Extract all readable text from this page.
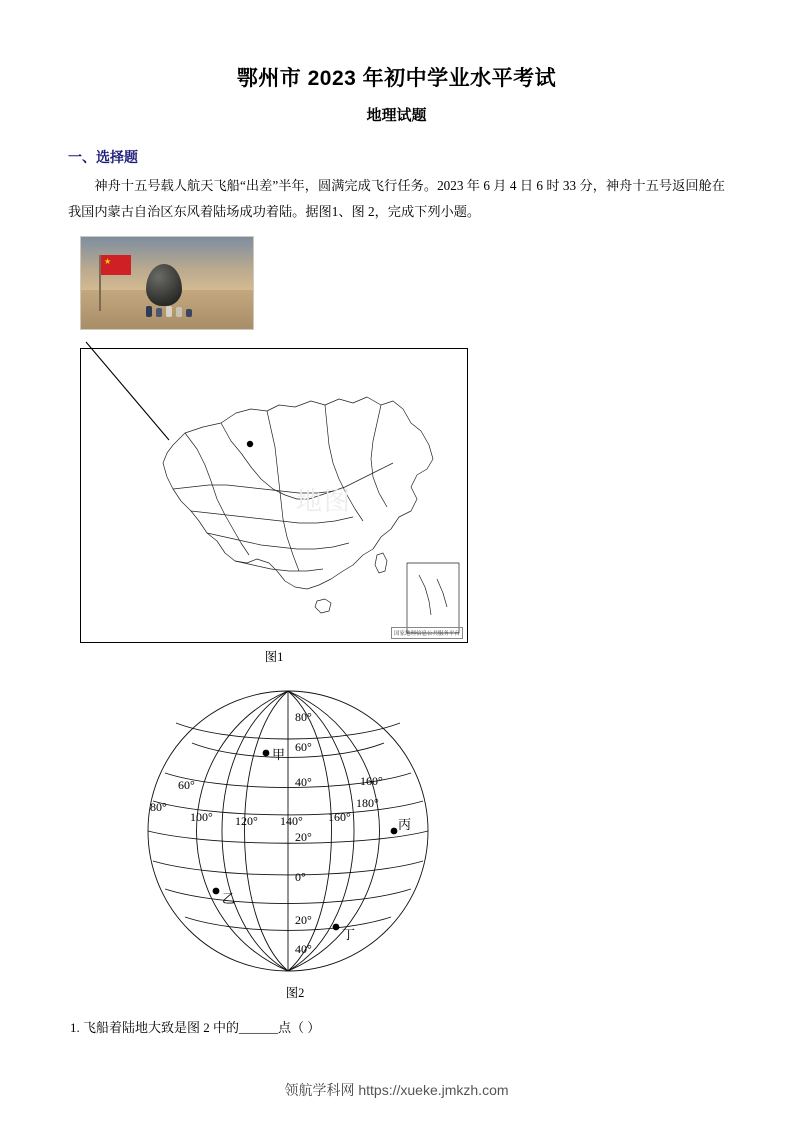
鄂州市 2023 年初中学业水平考试
地理试题
一、选择题
神舟十五号载人航天飞船“出差”半年，圆满完成飞行任务。2023 年 6 月 4 日 6 时 33 分，神舟十五号返回舱在我国内蒙古自治区东风着陆场成功着陆。据图1、图 2，完成下列小题。
★
地图
国家地理信息公共服务平台
图1
80°
60°
40°
20°
0°
20°
40°
60°
80°
100° 120° 140° 160°
180°
160°
甲
丙
乙
丁
图2
1. 飞船着陆地大致是图 2 中的______点（ ）
领航学科网 https://xueke.jmkzh.com
